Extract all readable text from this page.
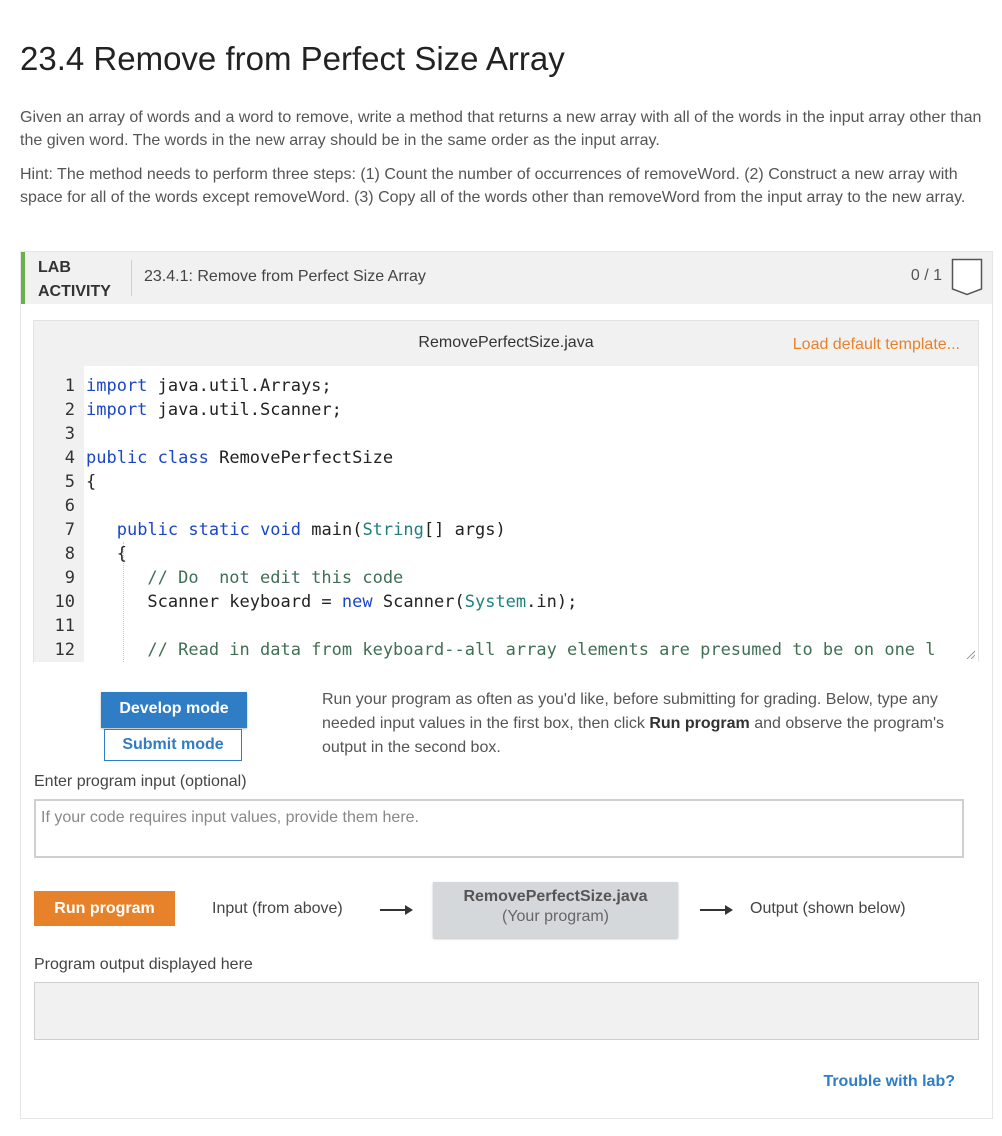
23.4 Remove from Perfect Size Array

Given an array of words and a word to remove, write a method that returns a new array with all of the words in the input array other than the given word. The words in the new array should be in the same order as the input array.

Hint: The method needs to perform three steps: (1) Count the number of occurrences of removeWord. (2) Construct a new array with space for all of the words except removeWord. (3) Copy all of the words other than removeWord from the input array to the new array.

LAB
ACTIVITY
23.4.1: Remove from Perfect Size Array	0 / 1
RemovePerfectSize.java	Load default template...
1 import java.util.Arrays;
2 import java.util.Scanner;
3
4 public class RemovePerfectSize
5 {
6
7	public static void main(String[] args)
8	{
9	// Do  not edit this code
10	Scanner keyboard = new Scanner(System.in);
11
12	// Read in data from keyboard--all array elements are presumed to be on one l
Develop mode
Submit mode
Run your program as often as you'd like, before submitting for grading. Below, type any needed input values in the first box, then click Run program and observe the program's output in the second box.
Enter program input (optional)
If your code requires input values, provide them here.
Run program	Input (from above)
RemovePerfectSize.java
(Your program)	Output (shown below)
Program output displayed here
Trouble with lab?
